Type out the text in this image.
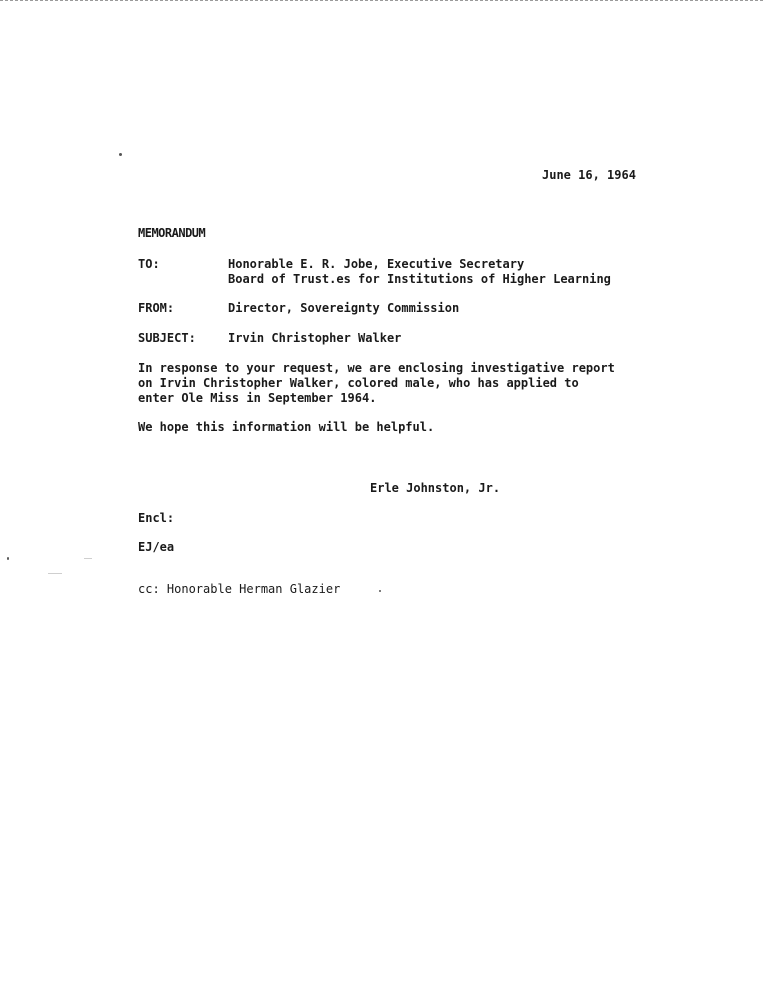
June 16, 1964
MEMORANDUM
TO:	Honorable E. R. Jobe, Executive Secretary
Board of Trust.es for Institutions of Higher Learning
FROM:	Director, Sovereignty Commission
SUBJECT:	Irvin Christopher Walker
In response to your request, we are enclosing investigative report
on Irvin Christopher Walker, colored male, who has applied to
enter Ole Miss in September 1964.
We hope this information will be helpful.
Erle Johnston, Jr.
Encl:
EJ/ea
cc: Honorable Herman Glazier
